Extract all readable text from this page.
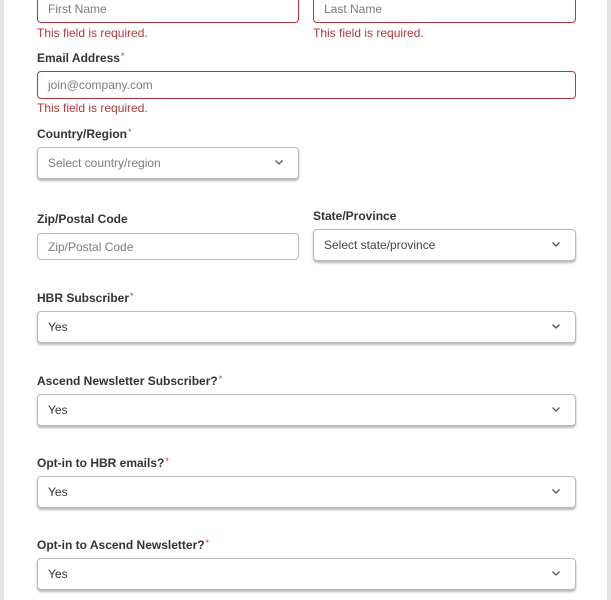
First Name
This field is required.
Last Name
This field is required.

Email Address*

join@company.com
This field is required.

Country/Region*

Select country/region

Zip/Postal Code

Zip/Postal Code

State/Province

Select state/province

HBR Subscriber*

Yes

Ascend Newsletter Subscriber?*

Yes

Opt-in to HBR emails?*

Yes

Opt-in to Ascend Newsletter?*

Yes
